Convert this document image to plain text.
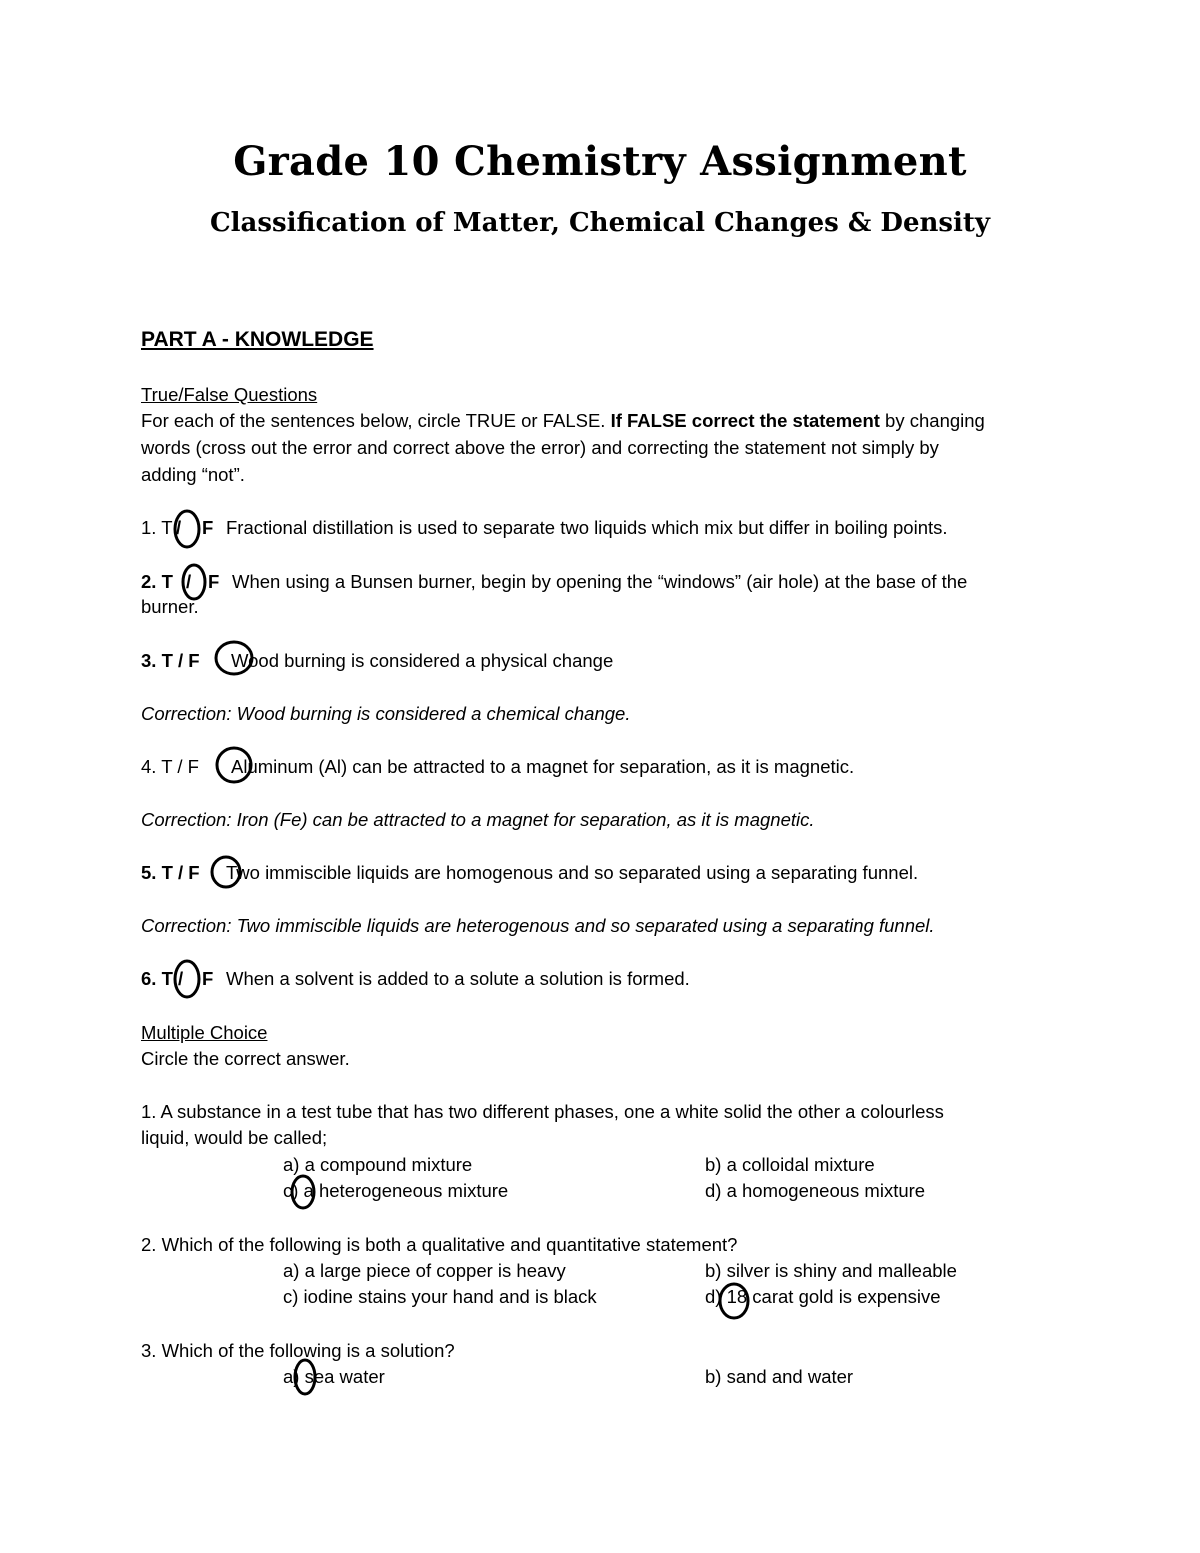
Grade 10 Chemistry Assignment
Classification of Matter, Chemical Changes & Density
PART A - KNOWLEDGE
True/False Questions
For each of the sentences below, circle TRUE or FALSE. If FALSE correct the statement by changing
words (cross out the error and correct above the error) and correcting the statement not simply by
adding “not”.
1. T / F Fractional distillation is used to separate two liquids which mix but differ in boiling points.
2. T / F When using a Bunsen burner, begin by opening the “windows” (air hole) at the base of the
burner.
3. T / F Wood burning is considered a physical change
Correction: Wood burning is considered a chemical change.
4. T / F Aluminum (Al) can be attracted to a magnet for separation, as it is magnetic.
Correction: Iron (Fe) can be attracted to a magnet for separation, as it is magnetic.
5. T / F Two immiscible liquids are homogenous and so separated using a separating funnel.
Correction: Two immiscible liquids are heterogenous and so separated using a separating funnel.
6. T / F When a solvent is added to a solute a solution is formed.
Multiple Choice
Circle the correct answer.
1. A substance in a test tube that has two different phases, one a white solid the other a colourless
liquid, would be called;
a) a compound mixture	b) a colloidal mixture
c) a heterogeneous mixture	d) a homogeneous mixture
2. Which of the following is both a qualitative and quantitative statement?
a) a large piece of copper is heavy	b) silver is shiny and malleable
c) iodine stains your hand and is black	d) 18 carat gold is expensive
3. Which of the following is a solution?
a) sea water	b) sand and water
